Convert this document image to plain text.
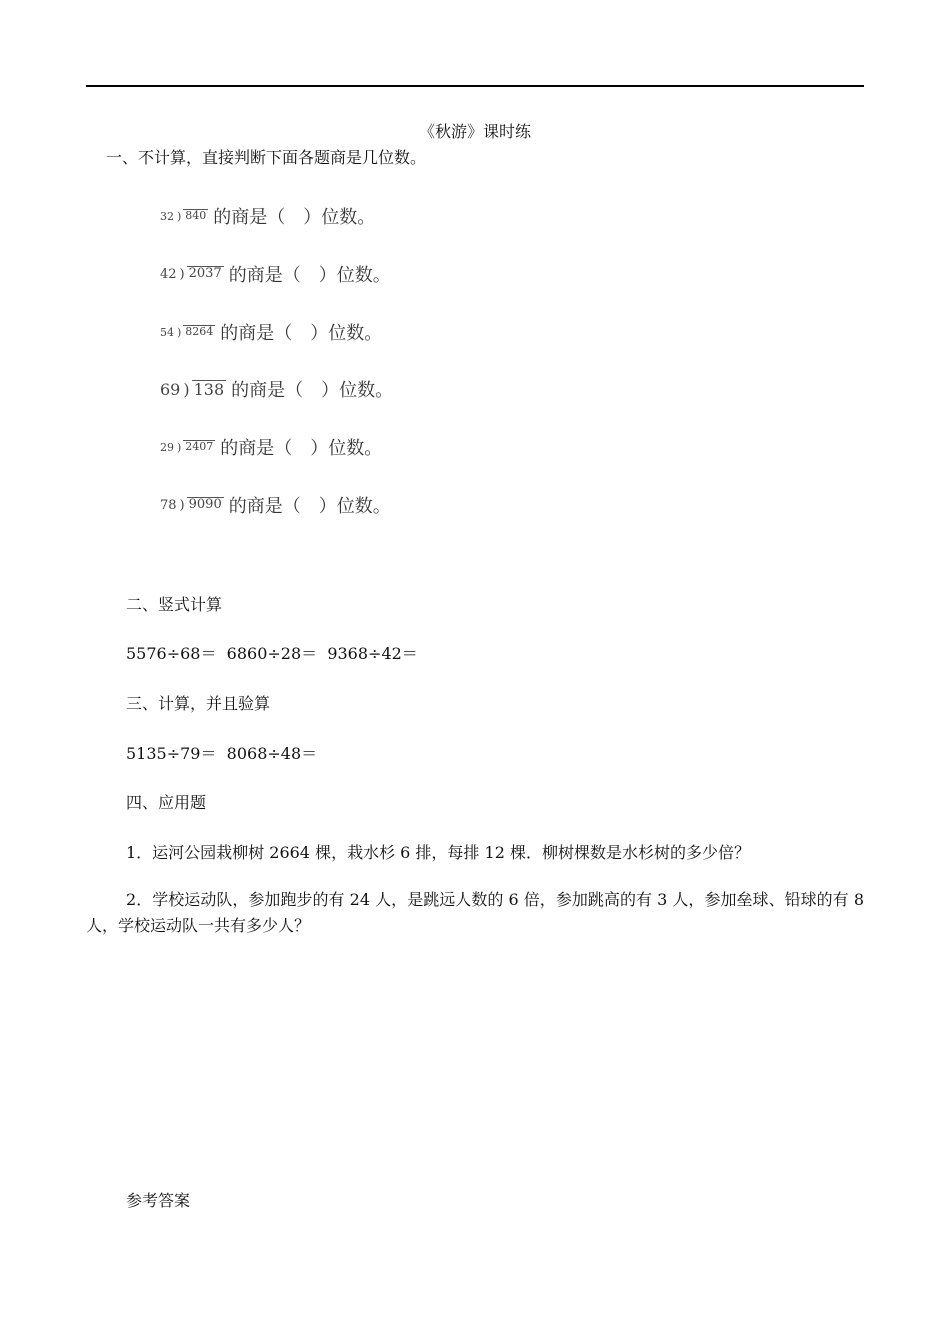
《秋游》课时练
一、不计算，直接判断下面各题商是几位数。
32 ) 840 的商是（　）位数。
42 ) 2037 的商是（　）位数。
54 ) 8264 的商是（　）位数。
69 ) 138 的商是（　）位数。
29 ) 2407 的商是（　）位数。
78 ) 9090 的商是（　）位数。
二、竖式计算
5576÷68＝  6860÷28＝  9368÷42＝
三、计算，并且验算
5135÷79＝  8068÷48＝
四、应用题
1．运河公园栽柳树 2664 棵，栽水杉 6 排，每排 12 棵．柳树棵数是水杉树的多少倍？
2．学校运动队，参加跑步的有 24 人，是跳远人数的 6 倍，参加跳高的有 3 人，参加垒球、铅球的有 8 人，学校运动队一共有多少人？
参考答案
